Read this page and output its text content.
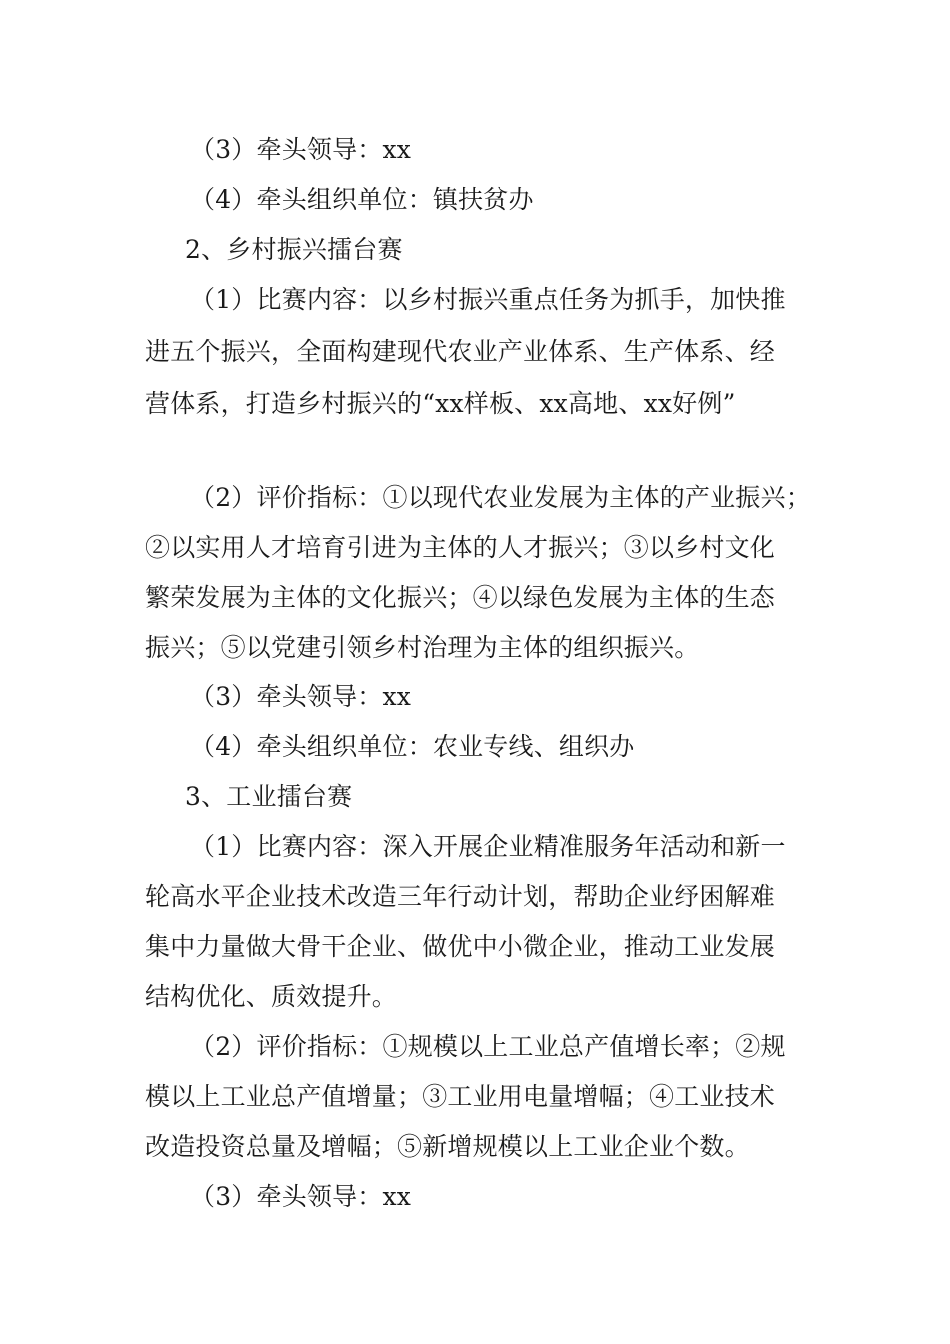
（3）牵头领导：xx
（4）牵头组织单位：镇扶贫办
2、乡村振兴擂台赛
（1）比赛内容：以乡村振兴重点任务为抓手，加快推
进五个振兴，全面构建现代农业产业体系、生产体系、经
营体系，打造乡村振兴的“xx样板、xx高地、xx好例”
（2）评价指标：①以现代农业发展为主体的产业振兴；
②以实用人才培育引进为主体的人才振兴；③以乡村文化
繁荣发展为主体的文化振兴；④以绿色发展为主体的生态
振兴；⑤以党建引领乡村治理为主体的组织振兴。
（3）牵头领导：xx
（4）牵头组织单位：农业专线、组织办
3、工业擂台赛
（1）比赛内容：深入开展企业精准服务年活动和新一
轮高水平企业技术改造三年行动计划，帮助企业纾困解难
集中力量做大骨干企业、做优中小微企业，推动工业发展
结构优化、质效提升。
（2）评价指标：①规模以上工业总产值增长率；②规
模以上工业总产值增量；③工业用电量增幅；④工业技术
改造投资总量及增幅；⑤新增规模以上工业企业个数。
（3）牵头领导：xx
